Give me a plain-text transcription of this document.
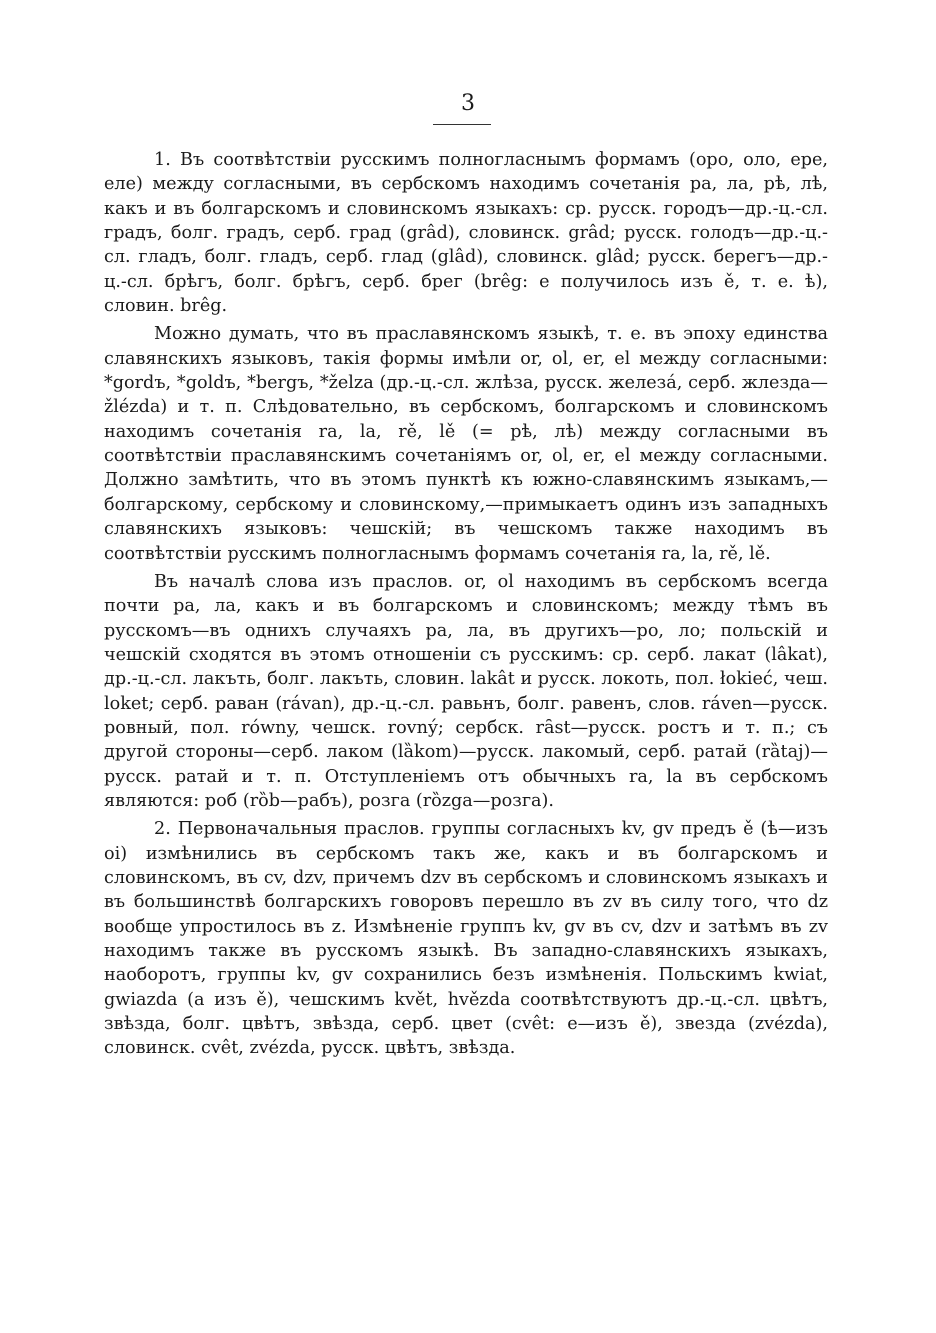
3

1. Въ соотвѣтствіи русскимъ полногласнымъ формамъ (оро, оло, ере, еле) между согласными, въ сербскомъ находимъ сочетанія ра, ла, рѣ, лѣ, какъ и въ болгарскомъ и словинскомъ языкахъ: ср. русск. городъ—др.-ц.-сл. градъ, болг. градъ, серб. град (grâd), словинск. grâd; русск. голодъ—др.-ц.-сл. гладъ, болг. гладъ, серб. глад (glâd), словинск. glâd; русск. берегъ—др.-ц.-сл. брѣгъ, болг. брѣгъ, серб. брег (brêg: е получилось изъ ě, т. е. ѣ), словин. brêg.

Можно думать, что въ праславянскомъ языкѣ, т. е. въ эпоху единства славянскихъ языковъ, такія формы имѣли or, ol, er, el между согласными: *gordъ, *goldъ, *bergъ, *želza (др.-ц.-сл. жлѣза, русск. железá, серб. жлезда—žlézda) и т. п. Слѣдовательно, въ сербскомъ, болгарскомъ и словинскомъ находимъ сочетанія ra, la, rě, lě (= рѣ, лѣ) между согласными въ соотвѣтствіи праславянскимъ сочетаніямъ or, ol, er, el между согласными. Должно замѣтить, что въ этомъ пунктѣ къ южно-славянскимъ языкамъ,—болгарскому, сербскому и словинскому,—примыкаетъ одинъ изъ западныхъ славянскихъ языковъ: чешскій; въ чешскомъ также находимъ въ соотвѣтствіи русскимъ полногласнымъ формамъ сочетанія ra, la, rě, lě.

Въ началѣ слова изъ праслов. or, ol находимъ въ сербскомъ всегда почти ра, ла, какъ и въ болгарскомъ и словинскомъ; между тѣмъ въ русскомъ—въ однихъ случаяхъ ра, ла, въ другихъ—ро, ло; польскій и чешскій сходятся въ этомъ отношеніи съ русскимъ: ср. серб. лакат (lâkat), др.-ц.-сл. лакъть, болг. лакъть, словин. lakât и русск. локоть, пол. łokieć, чеш. loket; серб. раван (rávan), др.-ц.-сл. равьнъ, болг. равенъ, слов. ráven—русск. ровный, пол. równy, чешск. rovný; сербск. rȃst—русск. ростъ и т. п.; съ другой стороны—серб. лаком (lȁkom)—русск. лакомый, серб. ратай (rȁtaj)—русск. ратай и т. п. Отступленіемъ отъ обычныхъ ra, la въ сербскомъ являются: роб (rȍb—рабъ), розга (rȍzga—розга).

2. Первоначальныя праслов. группы согласныхъ kv, gv предъ ě (ѣ—изъ oi) измѣнились въ сербскомъ такъ же, какъ и въ болгарскомъ и словинскомъ, въ cv, dzv, причемъ dzv въ сербскомъ и словинскомъ языкахъ и въ большинствѣ болгарскихъ говоровъ перешло въ zv въ силу того, что dz вообще упростилось въ z. Измѣненіе группъ kv, gv въ cv, dzv и затѣмъ въ zv находимъ также въ русскомъ языкѣ. Въ западно-славянскихъ языкахъ, наоборотъ, группы kv, gv сохранились безъ измѣненія. Польскимъ kwiat, gwiazda (а изъ ě), чешскимъ květ, hvězda соотвѣтствуютъ др.-ц.-сл. цвѣтъ, звѣзда, болг. цвѣтъ, звѣзда, серб. цвет (cvêt: е—изъ ě), звезда (zvézda), словинск. cvêt, zvézda, русск. цвѣтъ, звѣзда.
